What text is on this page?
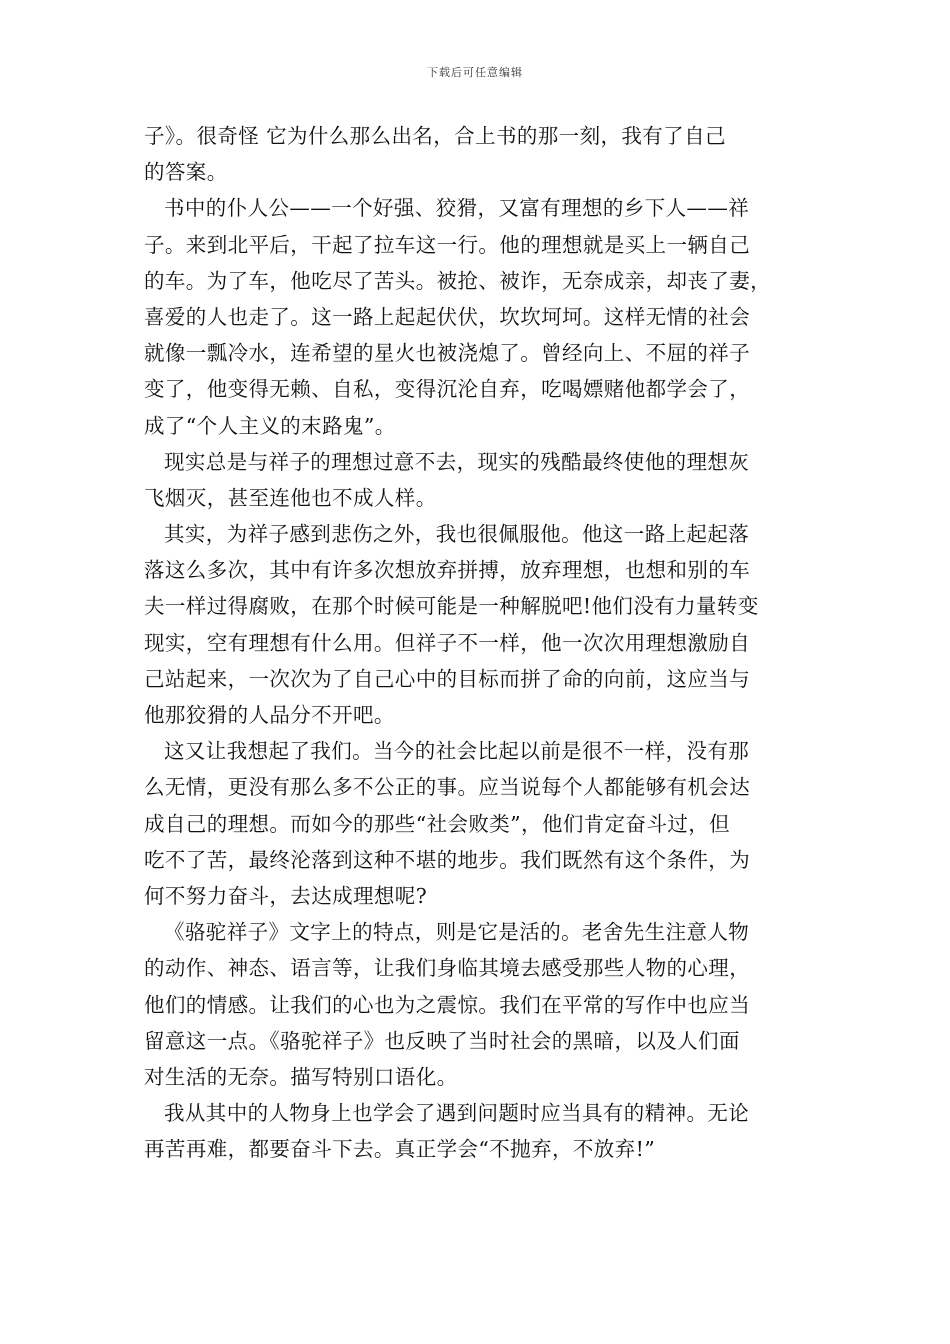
下载后可任意编辑
子》。很奇怪 它为什么那么出名，合上书的那一刻，我有了自己
的答案。
书中的仆人公——一个好强、狡猾，又富有理想的乡下人——祥
子。来到北平后，干起了拉车这一行。他的理想就是买上一辆自己
的车。为了车，他吃尽了苦头。被抢、被诈，无奈成亲，却丧了妻，
喜爱的人也走了。这一路上起起伏伏，坎坎坷坷。这样无情的社会
就像一瓢冷水，连希望的星火也被浇熄了。曾经向上、不屈的祥子
变了，他变得无赖、自私，变得沉沦自弃，吃喝嫖赌他都学会了，
成了“个人主义的末路鬼”。
现实总是与祥子的理想过意不去，现实的残酷最终使他的理想灰
飞烟灭，甚至连他也不成人样。
其实，为祥子感到悲伤之外，我也很佩服他。他这一路上起起落
落这么多次，其中有许多次想放弃拼搏，放弃理想，也想和别的车
夫一样过得腐败，在那个时候可能是一种解脱吧!他们没有力量转变
现实，空有理想有什么用。但祥子不一样，他一次次用理想激励自
己站起来，一次次为了自己心中的目标而拼了命的向前，这应当与
他那狡猾的人品分不开吧。
这又让我想起了我们。当今的社会比起以前是很不一样，没有那
么无情，更没有那么多不公正的事。应当说每个人都能够有机会达
成自己的理想。而如今的那些“社会败类”，他们肯定奋斗过，但
吃不了苦，最终沦落到这种不堪的地步。我们既然有这个条件，为
何不努力奋斗，去达成理想呢?
《骆驼祥子》文字上的特点，则是它是活的。老舍先生注意人物
的动作、神态、语言等，让我们身临其境去感受那些人物的心理，
他们的情感。让我们的心也为之震惊。我们在平常的写作中也应当
留意这一点。《骆驼祥子》也反映了当时社会的黑暗，以及人们面
对生活的无奈。描写特别口语化。
我从其中的人物身上也学会了遇到问题时应当具有的精神。无论
再苦再难，都要奋斗下去。真正学会“不抛弃，不放弃!”
